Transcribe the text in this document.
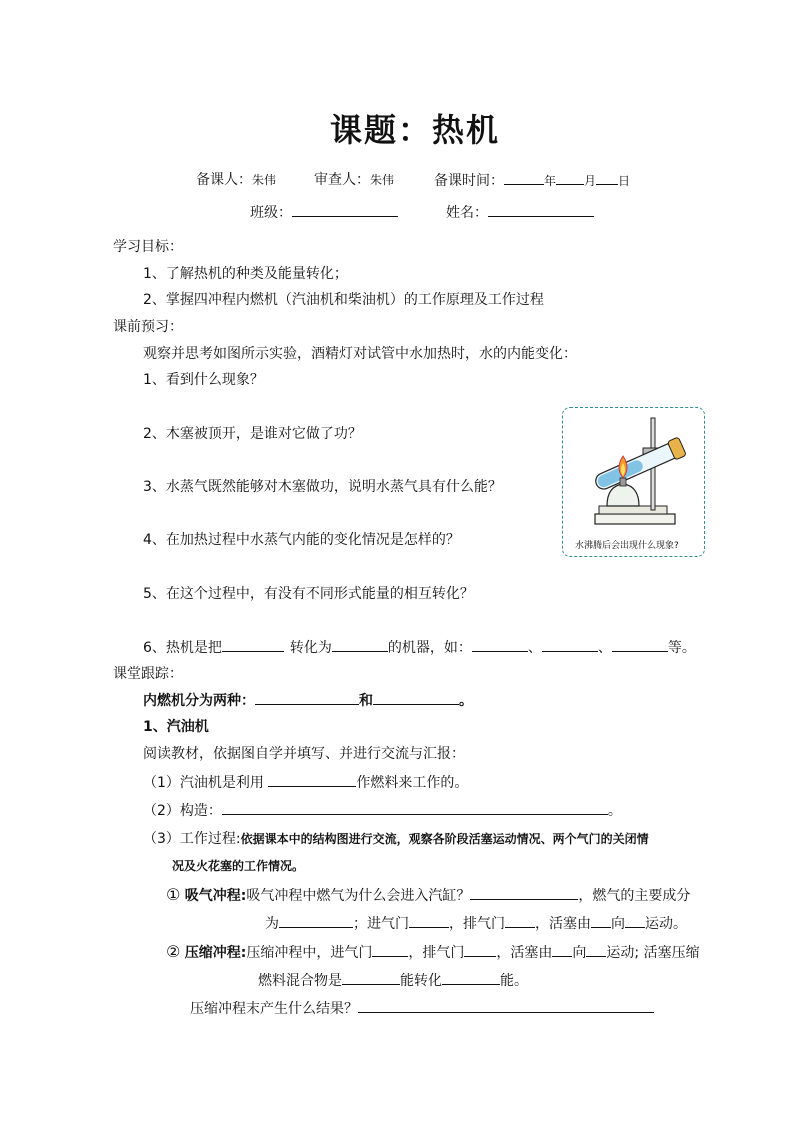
课题：热机
备课人：朱伟	审查人：朱伟	备课时间：	年 月 日
班级：	姓名：
学习目标：
1、了解热机的种类及能量转化；
2、掌握四冲程内燃机（汽油机和柴油机）的工作原理及工作过程
课前预习：
观察并思考如图所示实验，酒精灯对试管中水加热时，水的内能变化：
1、看到什么现象？
2、木塞被顶开，是谁对它做了功？
3、水蒸气既然能够对木塞做功，说明水蒸气具有什么能？
4、在加热过程中水蒸气内能的变化情况是怎样的？
5、在这个过程中，有没有不同形式能量的相互转化？
6、热机是把	转化为	的机器，如：	、	、	等。
水沸腾后会出现什么现象?
课堂跟踪：
内燃机分为两种：	和	。
1、汽油机
阅读教材，依据图自学并填写、并进行交流与汇报：
（1）汽油机是利用	作燃料来工作的。
（2）构造：	。
（3）工作过程:依据课本中的结构图进行交流，观察各阶段活塞运动情况、两个气门的关闭情
况及火花塞的工作情况。
① 吸气冲程:吸气冲程中燃气为什么会进入汽缸？	，燃气的主要成分
为	；进气门	，排气门 ，活塞由 向 运动。
② 压缩冲程:压缩冲程中，进气门	，排气门 ，活塞由 向 运动; 活塞压缩
燃料混合物是	能转化	能。
压缩冲程末产生什么结果？
